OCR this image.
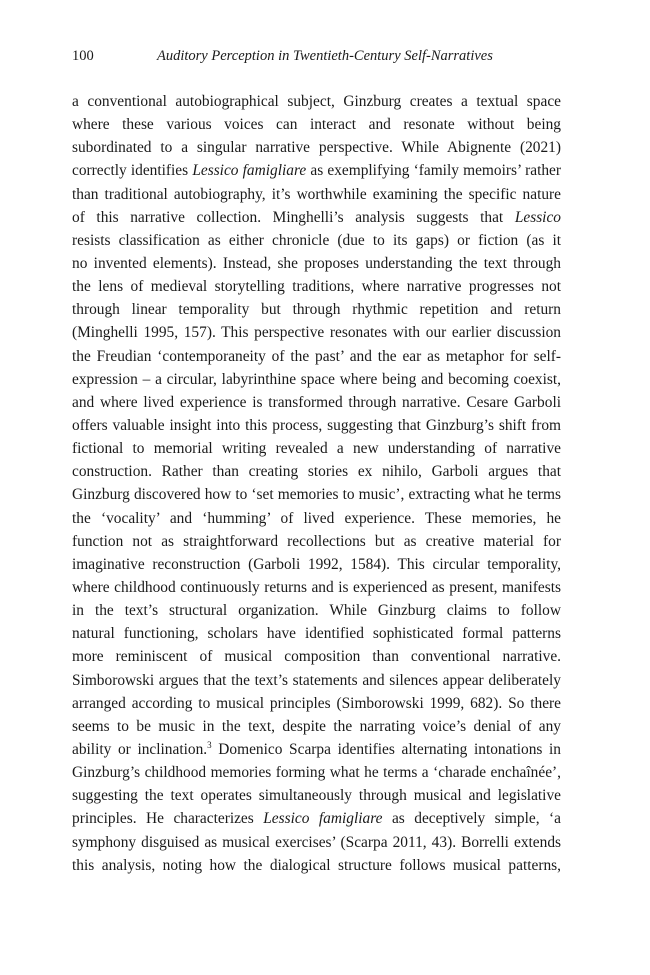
100	Auditory Perception in Twentieth-Century Self-Narratives
a conventional autobiographical subject, Ginzburg creates a textual space
where these various voices can interact and resonate without being
subordinated to a singular narrative perspective. While Abignente (2021)
correctly identifies Lessico famigliare as exemplifying ‘family memoirs’ rather
than traditional autobiography, it’s worthwhile examining the specific nature
of this narrative collection. Minghelli’s analysis suggests that Lessico
resists classification as either chronicle (due to its gaps) or fiction (as it
no invented elements). Instead, she proposes understanding the text through
the lens of medieval storytelling traditions, where narrative progresses not
through linear temporality but through rhythmic repetition and return
(Minghelli 1995, 157). This perspective resonates with our earlier discussion
the Freudian ‘contemporaneity of the past’ and the ear as metaphor for self-
expression – a circular, labyrinthine space where being and becoming coexist,
and where lived experience is transformed through narrative. Cesare Garboli
offers valuable insight into this process, suggesting that Ginzburg’s shift from
fictional to memorial writing revealed a new understanding of narrative
construction. Rather than creating stories ex nihilo, Garboli argues that
Ginzburg discovered how to ‘set memories to music’, extracting what he terms
the ‘vocality’ and ‘humming’ of lived experience. These memories, he
function not as straightforward recollections but as creative material for
imaginative reconstruction (Garboli 1992, 1584). This circular temporality,
where childhood continuously returns and is experienced as present, manifests
in the text’s structural organization. While Ginzburg claims to follow
natural functioning, scholars have identified sophisticated formal patterns
more reminiscent of musical composition than conventional narrative.
Simborowski argues that the text’s statements and silences appear deliberately
arranged according to musical principles (Simborowski 1999, 682). So there
seems to be music in the text, despite the narrating voice’s denial of any
ability or inclination.$^3$ Domenico Scarpa identifies alternating intonations in
Ginzburg’s childhood memories forming what he terms a ‘charade enchaînée’,
suggesting the text operates simultaneously through musical and legislative
principles. He characterizes Lessico famigliare as deceptively simple, ‘a
symphony disguised as musical exercises’ (Scarpa 2011, 43). Borrelli extends
this analysis, noting how the dialogical structure follows musical patterns,
